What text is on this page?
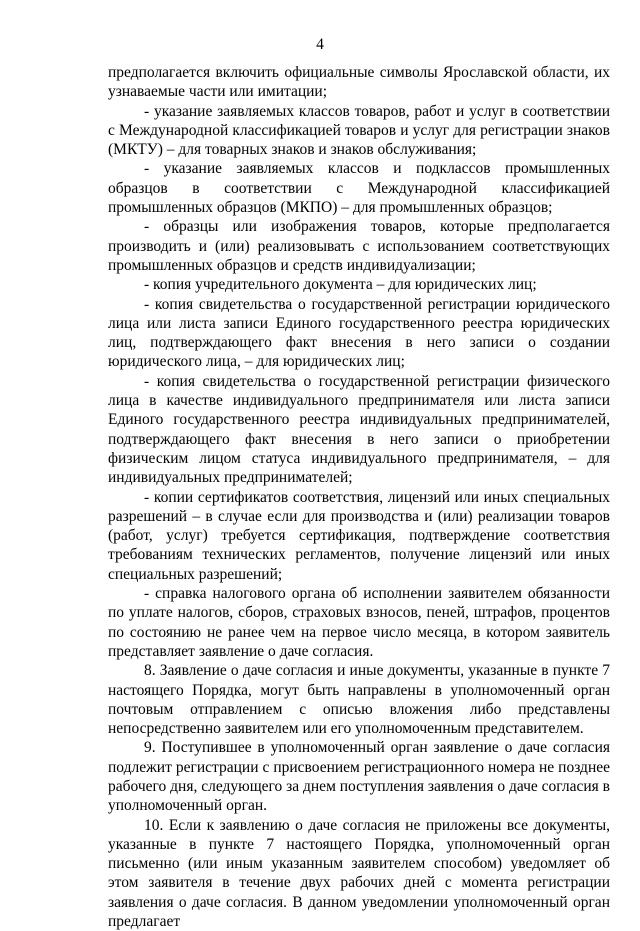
4

предполагается включить официальные символы Ярославской области, их узнаваемые части или имитации;

- указание заявляемых классов товаров, работ и услуг в соответствии с Международной классификацией товаров и услуг для регистрации знаков (МКТУ) – для товарных знаков и знаков обслуживания;

- указание заявляемых классов и подклассов промышленных образцов в соответствии с Международной классификацией промышленных образцов (МКПО) – для промышленных образцов;

- образцы или изображения товаров, которые предполагается производить и (или) реализовывать с использованием соответствующих промышленных образцов и средств индивидуализации;

- копия учредительного документа – для юридических лиц;

- копия свидетельства о государственной регистрации юридического лица или листа записи Единого государственного реестра юридических лиц, подтверждающего факт внесения в него записи о создании юридического лица, – для юридических лиц;

- копия свидетельства о государственной регистрации физического лица в качестве индивидуального предпринимателя или листа записи Единого государственного реестра индивидуальных предпринимателей, подтверждающего факт внесения в него записи о приобретении физическим лицом статуса индивидуального предпринимателя, – для индивидуальных предпринимателей;

- копии сертификатов соответствия, лицензий или иных специальных разрешений – в случае если для производства и (или) реализации товаров (работ, услуг) требуется сертификация, подтверждение соответствия требованиям технических регламентов, получение лицензий или иных специальных разрешений;

- справка налогового органа об исполнении заявителем обязанности по уплате налогов, сборов, страховых взносов, пеней, штрафов, процентов по состоянию не ранее чем на первое число месяца, в котором заявитель представляет заявление о даче согласия.

8. Заявление о даче согласия и иные документы, указанные в пункте 7 настоящего Порядка, могут быть направлены в уполномоченный орган почтовым отправлением с описью вложения либо представлены непосредственно заявителем или его уполномоченным представителем.

9. Поступившее в уполномоченный орган заявление о даче согласия подлежит регистрации с присвоением регистрационного номера не позднее рабочего дня, следующего за днем поступления заявления о даче согласия в уполномоченный орган.

10. Если к заявлению о даче согласия не приложены все документы, указанные в пункте 7 настоящего Порядка, уполномоченный орган письменно (или иным указанным заявителем способом) уведомляет об этом заявителя в течение двух рабочих дней с момента регистрации заявления о даче согласия. В данном уведомлении уполномоченный орган предлагает
